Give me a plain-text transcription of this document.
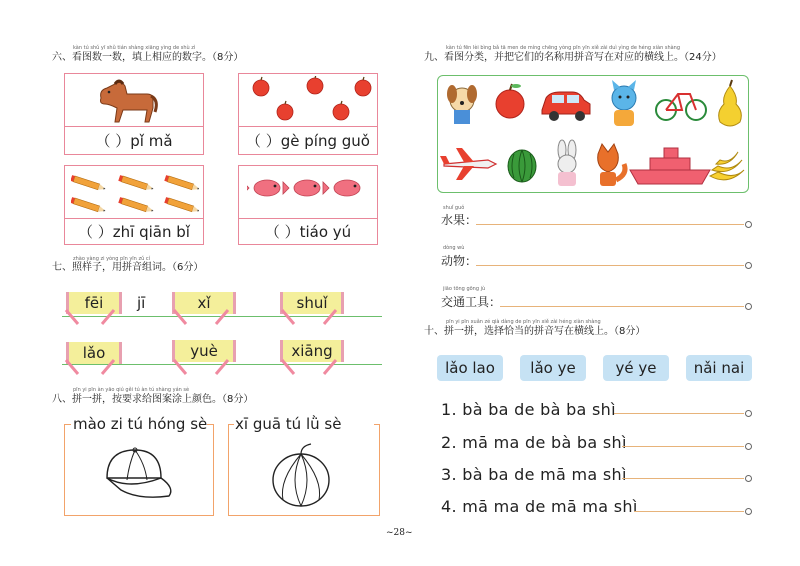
kàn tú shǔ yī shǔ tián shàng xiāng yìng de shù zì
六、看图数一数，填上相应的数字。（8分）
（ ）pǐ mǎ	（ ）gè píng guǒ
（ ）zhī qiān bǐ	（ ）tiáo yú
zhào yàng zi yòng pīn yīn zǔ cí
七、照样子，用拼音组词。（6分）
fēi	jī	xǐ	shuǐ
lǎo	yuè	xiāng
pīn yi pīn àn yāo qiú gěi tú àn tú shàng yán sè
八、拼一拼，按要求给图案涂上颜色。（8分）
mào zi tú hóng sè xī guā tú lǜ sè
kàn tú fēn lèi bìng bǎ tā men de míng chēng yòng pīn yīn xiě zài duì yìng de héng xiàn shàng
九、看图分类，并把它们的名称用拼音写在对应的横线上。（24分）
shuǐ guǒ
水果：
dòng wù
动物：
jiāo tōng gōng jù
交通工具：
pīn yi pīn xuǎn zé qià dàng de pīn yīn xiě zài héng xiàn shàng
十、拼一拼，选择恰当的拼音写在横线上。（8分）
lǎo lao	lǎo ye	yé ye	nǎi nai
1. bà ba de bà ba shì
2. mā ma de bà ba shì
3. bà ba de mā ma shì
4. mā ma de mā ma shì
~28~
